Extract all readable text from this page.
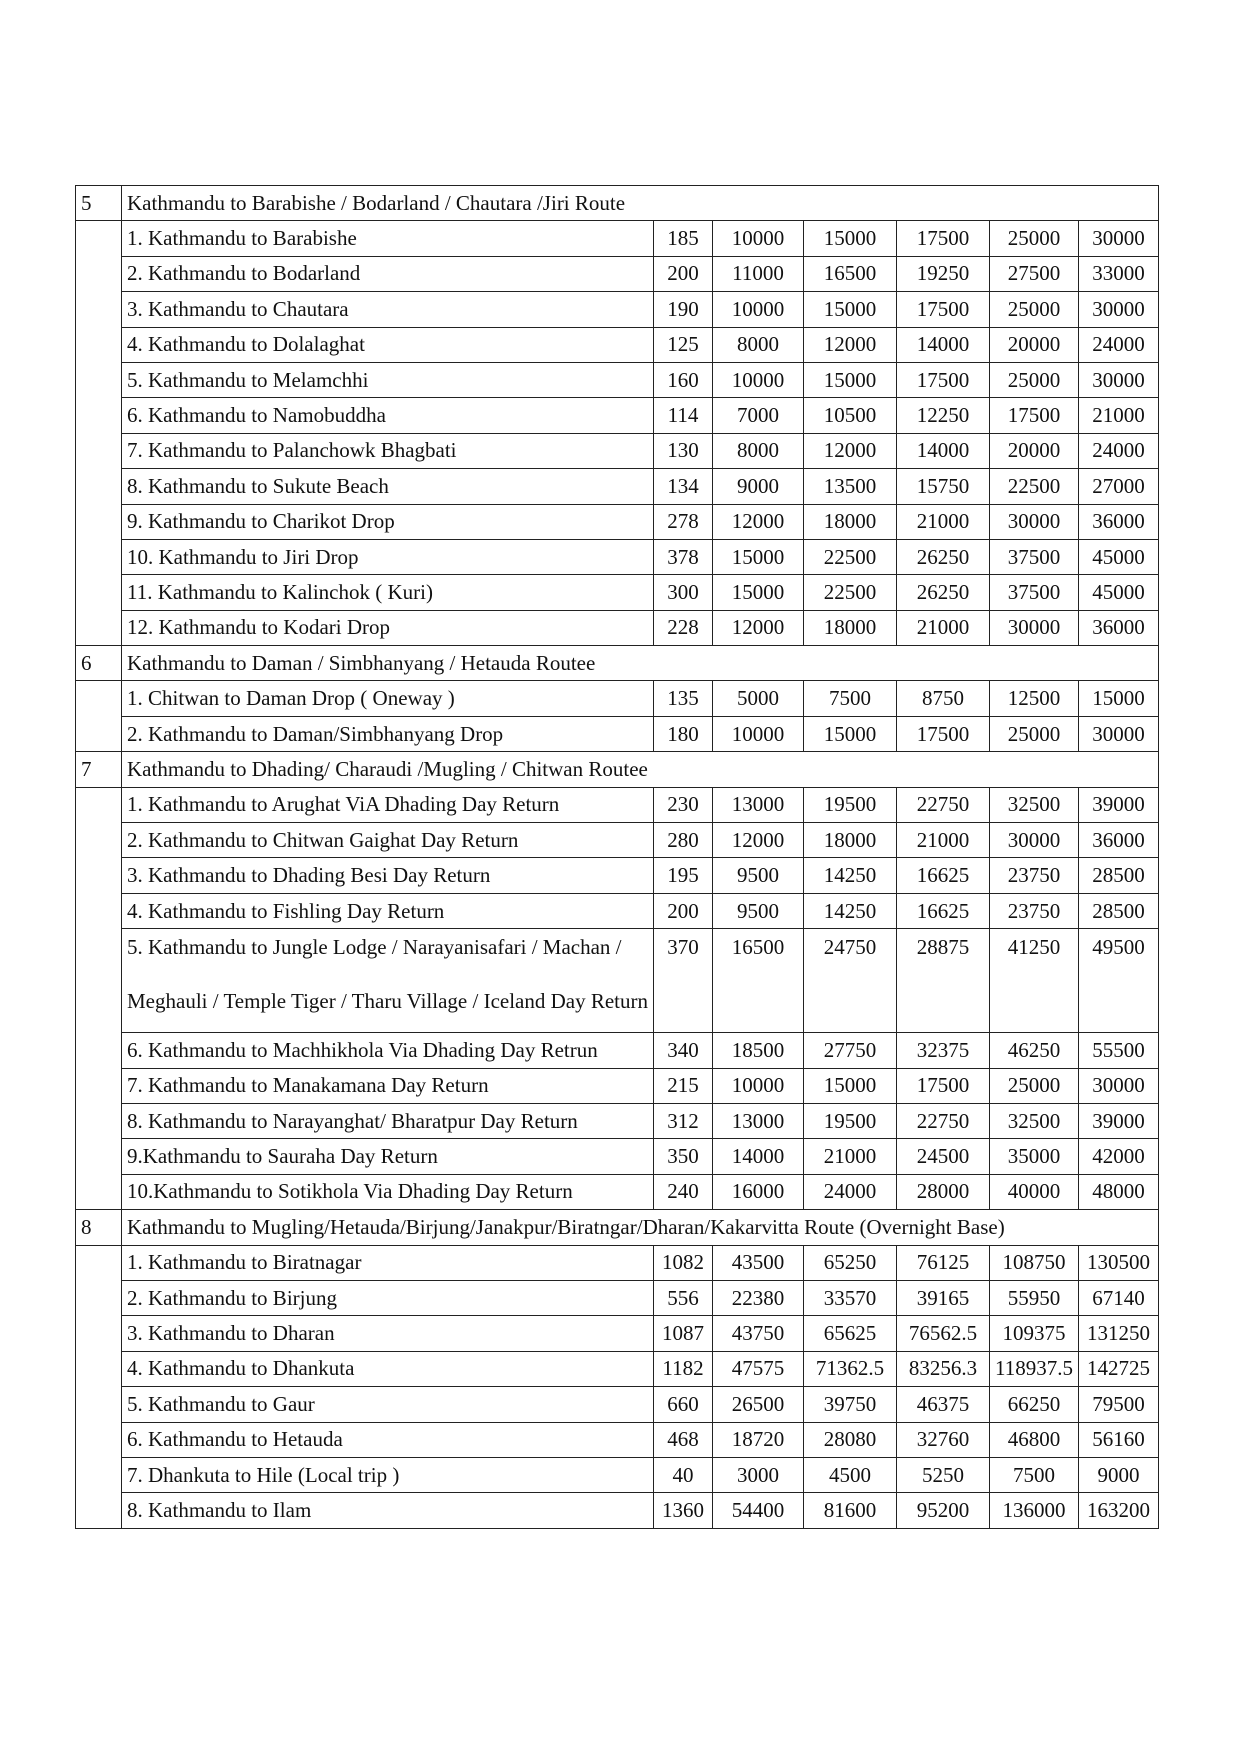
5	Kathmandu to Barabishe / Bodarland / Chautara /Jiri Route						
	1. Kathmandu to Barabishe	185	10000	15000	17500	25000	30000
	2. Kathmandu to Bodarland	200	11000	16500	19250	27500	33000
	3. Kathmandu to Chautara	190	10000	15000	17500	25000	30000
	4. Kathmandu to Dolalaghat	125	8000	12000	14000	20000	24000
	5. Kathmandu to Melamchhi	160	10000	15000	17500	25000	30000
	6. Kathmandu to Namobuddha	114	7000	10500	12250	17500	21000
	7. Kathmandu to Palanchowk Bhagbati	130	8000	12000	14000	20000	24000
	8. Kathmandu to Sukute Beach	134	9000	13500	15750	22500	27000
	9. Kathmandu to Charikot Drop	278	12000	18000	21000	30000	36000
	10. Kathmandu to Jiri Drop	378	15000	22500	26250	37500	45000
	11. Kathmandu to Kalinchok ( Kuri)	300	15000	22500	26250	37500	45000
	12. Kathmandu to Kodari Drop	228	12000	18000	21000	30000	36000
6	Kathmandu to Daman / Simbhanyang / Hetauda Routee						
	1. Chitwan to Daman Drop ( Oneway )	135	5000	7500	8750	12500	15000
	2. Kathmandu to Daman/Simbhanyang Drop	180	10000	15000	17500	25000	30000
7	Kathmandu to Dhading/ Charaudi /Mugling / Chitwan Routee						
	1. Kathmandu to Arughat ViA Dhading Day Return	230	13000	19500	22750	32500	39000
	2. Kathmandu to Chitwan Gaighat Day Return	280	12000	18000	21000	30000	36000
	3. Kathmandu to Dhading Besi Day Return	195	9500	14250	16625	23750	28500
	4. Kathmandu to Fishling Day Return	200	9500	14250	16625	23750	28500
	5. Kathmandu to Jungle Lodge / Narayanisafari / Machan /
Meghauli / Temple Tiger / Tharu Village / Iceland Day Return	370	16500	24750	28875	41250	49500
	6. Kathmandu to Machhikhola Via Dhading Day Retrun	340	18500	27750	32375	46250	55500
	7. Kathmandu to Manakamana Day Return	215	10000	15000	17500	25000	30000
	8. Kathmandu to Narayanghat/ Bharatpur Day Return	312	13000	19500	22750	32500	39000
	9.Kathmandu to Sauraha Day Return	350	14000	21000	24500	35000	42000
	10.Kathmandu to Sotikhola Via Dhading Day Return	240	16000	24000	28000	40000	48000
8	Kathmandu to Mugling/Hetauda/Birjung/Janakpur/Biratngar/Dharan/Kakarvitta Route (Overnight Base)						
	1. Kathmandu to Biratnagar	1082	43500	65250	76125	108750	130500
	2. Kathmandu to Birjung	556	22380	33570	39165	55950	67140
	3. Kathmandu to Dharan	1087	43750	65625	76562.5	109375	131250
	4. Kathmandu to Dhankuta	1182	47575	71362.5	83256.3	118937.5	142725
	5. Kathmandu to Gaur	660	26500	39750	46375	66250	79500
	6. Kathmandu to Hetauda	468	18720	28080	32760	46800	56160
	7. Dhankuta to Hile (Local trip )	40	3000	4500	5250	7500	9000
	8. Kathmandu to Ilam	1360	54400	81600	95200	136000	163200
